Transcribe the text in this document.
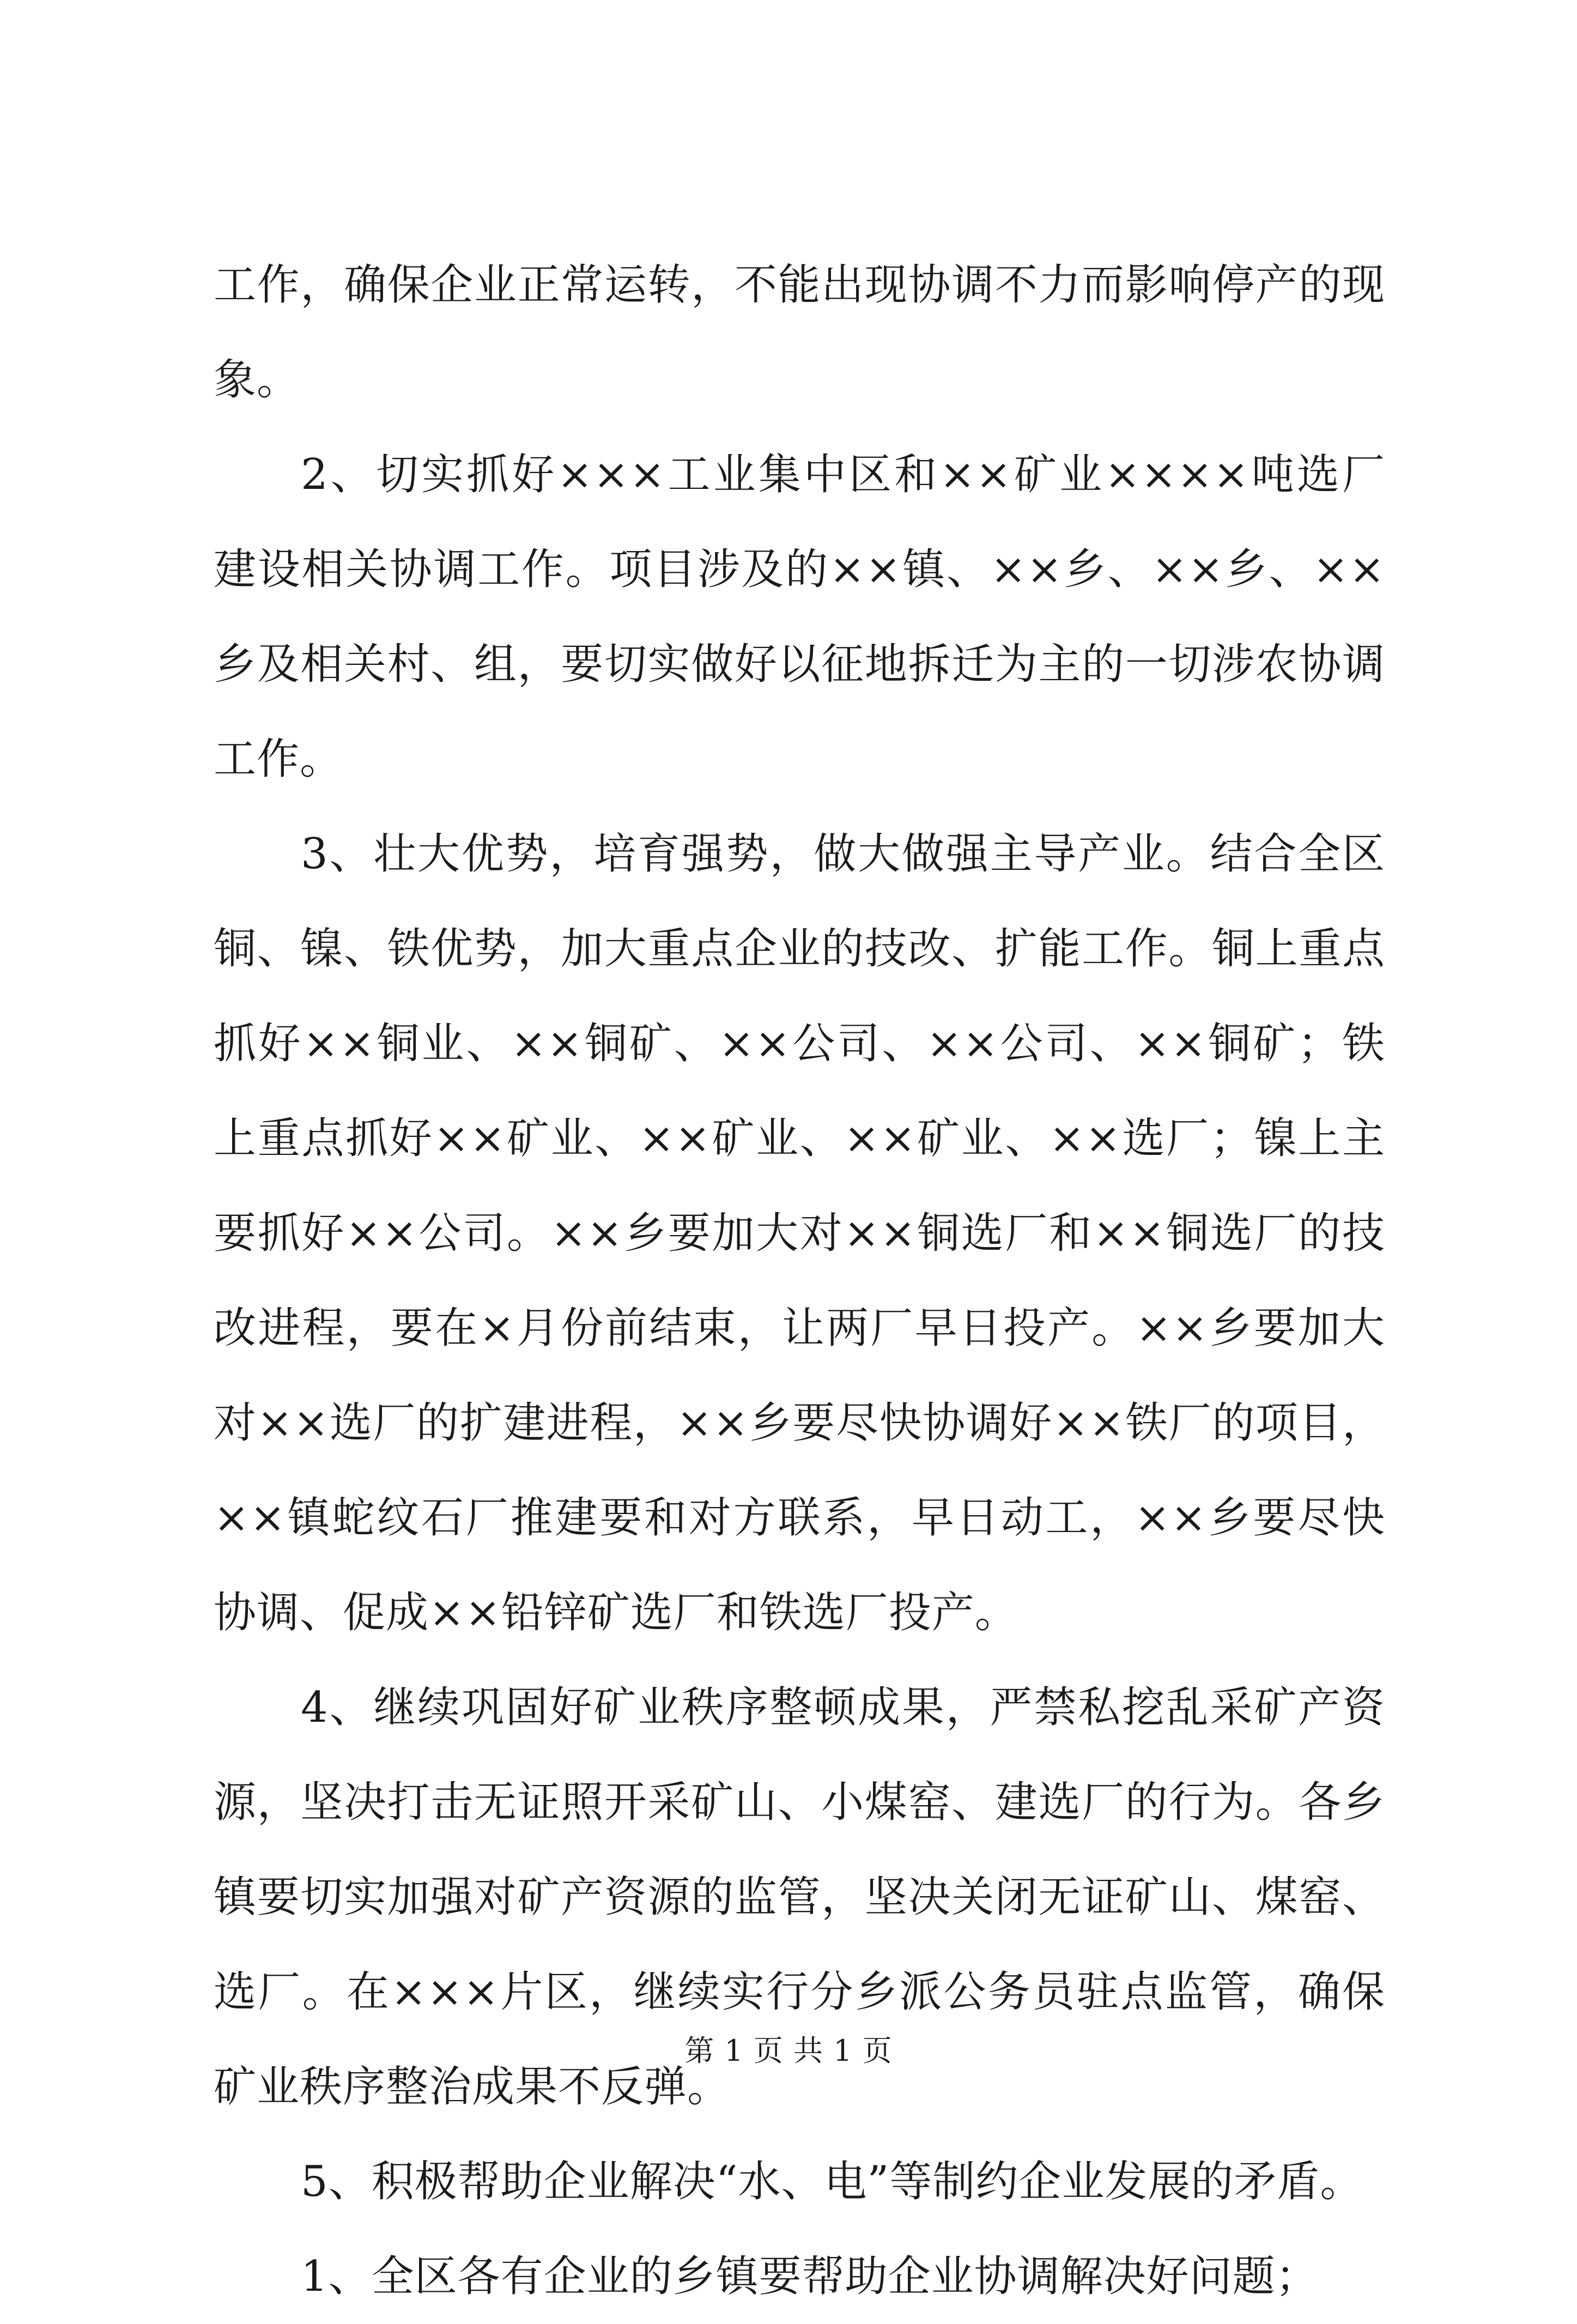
工作，确保企业正常运转，不能出现协调不力而影响停产的现象。

2、切实抓好×××工业集中区和××矿业××××吨选厂建设相关协调工作。项目涉及的××镇、××乡、××乡、××乡及相关村、组，要切实做好以征地拆迁为主的一切涉农协调工作。

3、壮大优势，培育强势，做大做强主导产业。结合全区铜、镍、铁优势，加大重点企业的技改、扩能工作。铜上重点抓好××铜业、××铜矿、××公司、××公司、××铜矿；铁上重点抓好××矿业、××矿业、××矿业、××选厂；镍上主要抓好××公司。××乡要加大对××铜选厂和××铜选厂的技改进程，要在×月份前结束，让两厂早日投产。××乡要加大对××选厂的扩建进程，××乡要尽快协调好××铁厂的项目，××镇蛇纹石厂推建要和对方联系，早日动工，××乡要尽快协调、促成××铅锌矿选厂和铁选厂投产。

4、继续巩固好矿业秩序整顿成果，严禁私挖乱采矿产资源，坚决打击无证照开采矿山、小煤窑、建选厂的行为。各乡镇要切实加强对矿产资源的监管，坚决关闭无证矿山、煤窑、选厂。在×××片区，继续实行分乡派公务员驻点监管，确保矿业秩序整治成果不反弹。

5、积极帮助企业解决“水、电”等制约企业发展的矛盾。

1、全区各有企业的乡镇要帮助企业协调解决好问题；

第 1 页 共 1 页
